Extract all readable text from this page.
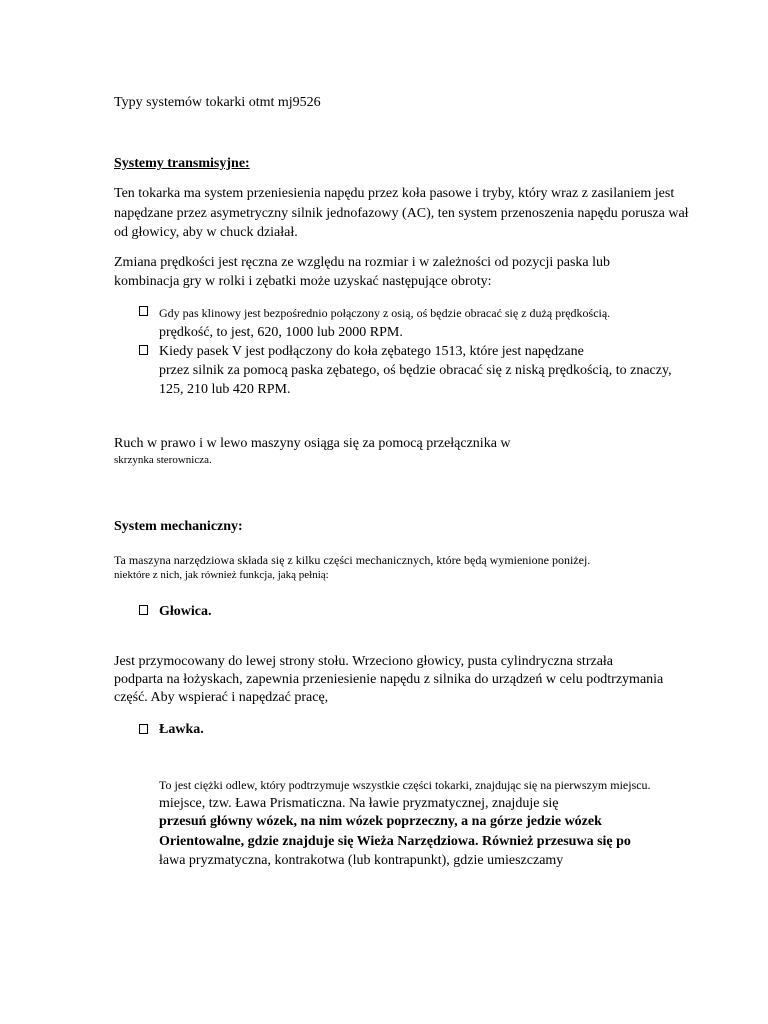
Typy systemów tokarki otmt mj9526
Systemy transmisyjne:
Ten tokarka ma system przeniesienia napędu przez koła pasowe i tryby, który wraz z zasilaniem jest
napędzane przez asymetryczny silnik jednofazowy (AC), ten system przenoszenia napędu porusza wał
od głowicy, aby w chuck działał.
Zmiana prędkości jest ręczna ze względu na rozmiar i w zależności od pozycji paska lub
kombinacja gry w rolki i zębatki może uzyskać następujące obroty:
Gdy pas klinowy jest bezpośrednio połączony z osią, oś będzie obracać się z dużą prędkością.
prędkość, to jest, 620, 1000 lub 2000 RPM.
Kiedy pasek V jest podłączony do koła zębatego 1513, które jest napędzane
przez silnik za pomocą paska zębatego, oś będzie obracać się z niską prędkością, to znaczy,
125, 210 lub 420 RPM.
Ruch w prawo i w lewo maszyny osiąga się za pomocą przełącznika w
skrzynka sterownicza.
System mechaniczny:
Ta maszyna narzędziowa składa się z kilku części mechanicznych, które będą wymienione poniżej.
niektóre z nich, jak również funkcja, jaką pełnią:
Głowica.
Jest przymocowany do lewej strony stołu. Wrzeciono głowicy, pusta cylindryczna strzała
podparta na łożyskach, zapewnia przeniesienie napędu z silnika do urządzeń w celu podtrzymania
część. Aby wspierać i napędzać pracę,
Ławka.
To jest ciężki odlew, który podtrzymuje wszystkie części tokarki, znajdując się na pierwszym miejscu.
miejsce, tzw. Ława Prismaticzna. Na ławie pryzmatycznej, znajduje się
przesuń główny wózek, na nim wózek poprzeczny, a na górze jedzie wózek
Orientowalne, gdzie znajduje się Wieża Narzędziowa. Również przesuwa się po
ława pryzmatyczna, kontrakotwa (lub kontrapunkt), gdzie umieszczamy
